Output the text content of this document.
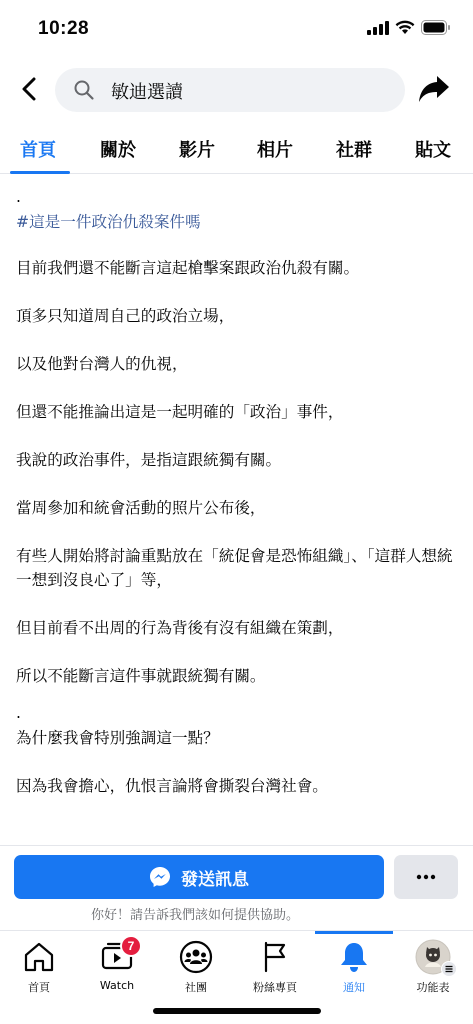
10:28
敏迪選讀
首頁 關於 影片 相片 社群 貼文
.
#這是一件政治仇殺案件嗎
目前我們還不能斷言這起槍擊案跟政治仇殺有關。
頂多只知道周自己的政治立場，
以及他對台灣人的仇視，
但還不能推論出這是一起明確的「政治」事件，
我說的政治事件，是指這跟統獨有關。
當周參加和統會活動的照片公布後，
有些人開始將討論重點放在「統促會是恐怖組織」、「這群人想統一想到沒良心了」等，
但目前看不出周的行為背後有沒有組織在策劃，
所以不能斷言這件事就跟統獨有關。
.
為什麼我會特別強調這一點？
因為我會擔心，仇恨言論將會撕裂台灣社會。
發送訊息
你好！請告訴我們該如何提供協助。
首頁
7
Watch	社團	粉絲專頁	通知	功能表
